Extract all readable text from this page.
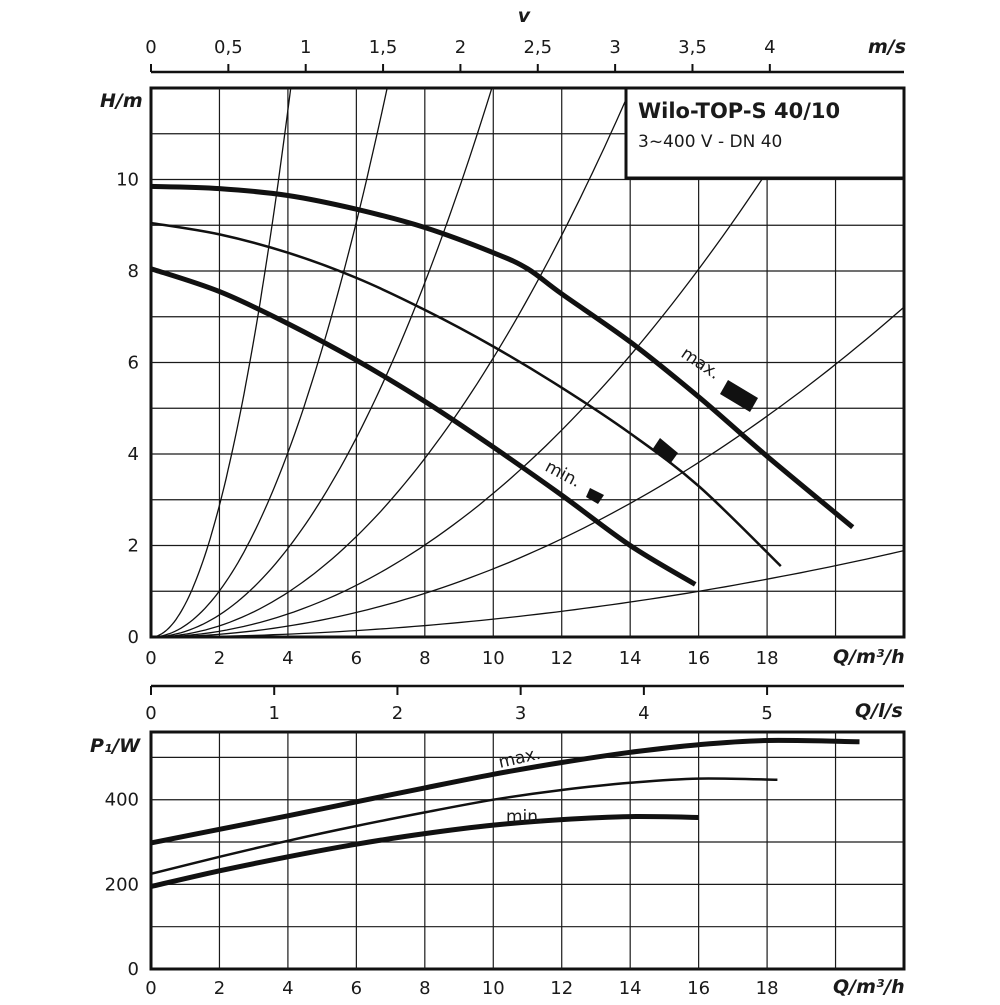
0	2	4	6	8	10	12	14	16	18
0
2
4
6
8
10
0	0,5	1	1,5	2	2,5	3	3,5	4
0	1	2	3	4	5
0	2	4	6	8	10	12	14	16	18
0
200
400
Wilo-TOP-S 40/10
3~400 V - DN 40
v
m/s
H/m
Q/m³/h
Q/l/s
P₁/W
Q/m³/h
max.
min.
max.
min.
